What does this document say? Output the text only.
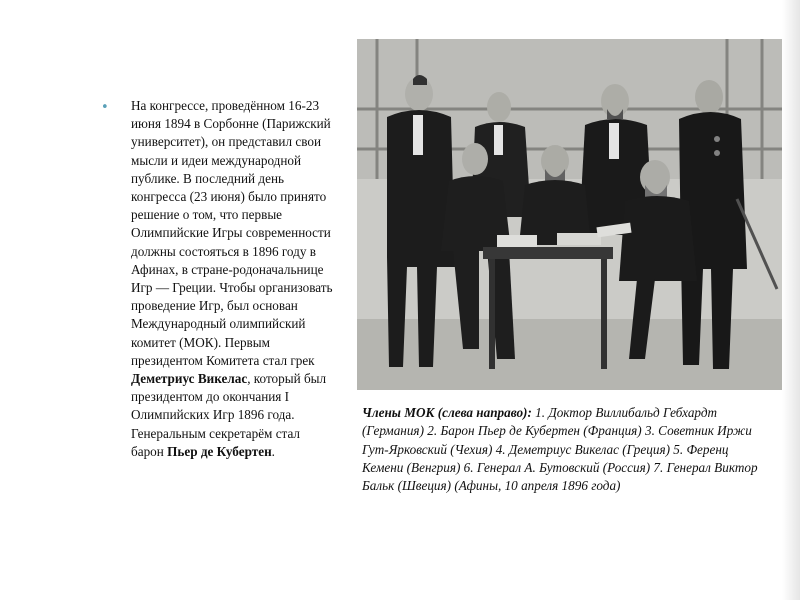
• На конгрессе, проведённом 16-23 июня 1894 в Сорбонне (Парижский университет), он представил свои мысли и идеи международной публике. В последний день конгресса (23 июня) было принято решение о том, что первые Олимпийские Игры современности должны состояться в 1896 году в Афинах, в стране-родоначальнице Игр — Греции. Чтобы организовать проведение Игр, был основан Международный олимпийский комитет (МОК). Первым президентом Комитета стал грек Деметриус Викелас, который был президентом до окончания I Олимпийских Игр 1896 года. Генеральным секретарём стал барон Пьер де Кубертен.
Члены МОК (слева направо): 1. Доктор Виллибальд Гебхардт (Германия) 2. Барон Пьер де Кубертен (Франция) 3. Советник Иржи Гут-Ярковский (Чехия) 4. Деметриус Викелас (Греция) 5. Ференц Кемени (Венгрия) 6. Генерал А. Бутовский (Россия) 7. Генерал Виктор Бальк (Швеция) (Афины, 10 апреля 1896 года)
